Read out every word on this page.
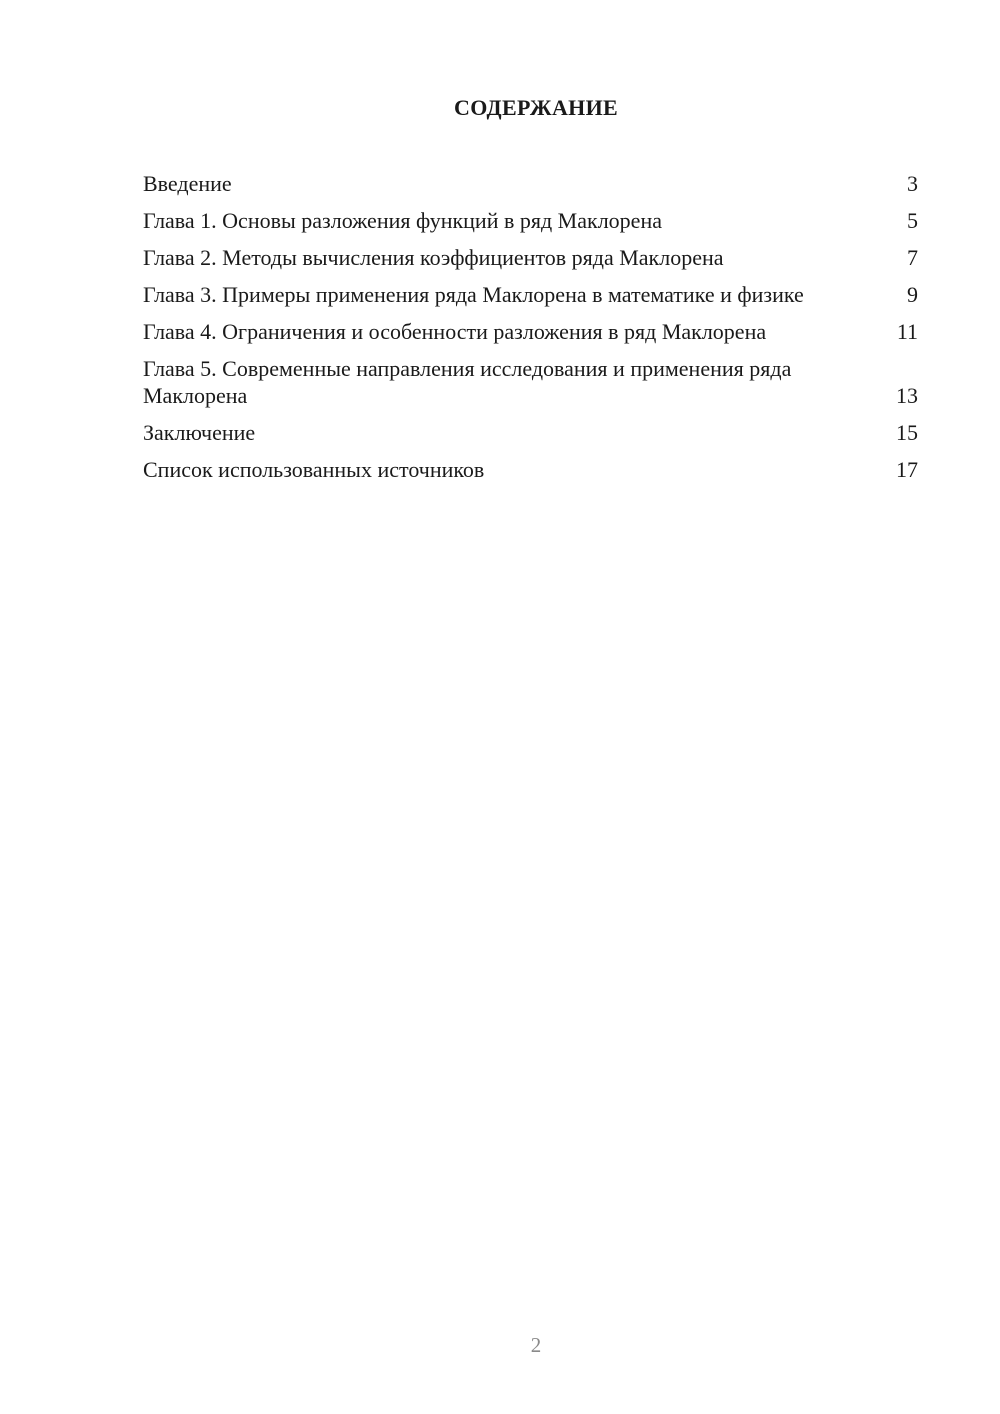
СОДЕРЖАНИЕ
Введение	3
Глава 1. Основы разложения функций в ряд Маклорена	5
Глава 2. Методы вычисления коэффициентов ряда Маклорена	7
Глава 3. Примеры применения ряда Маклорена в математике и физике	9
Глава 4. Ограничения и особенности разложения в ряд Маклорена	11
Глава 5. Современные направления исследования и применения ряда Маклорена	13
Заключение	15
Список использованных источников	17
2
